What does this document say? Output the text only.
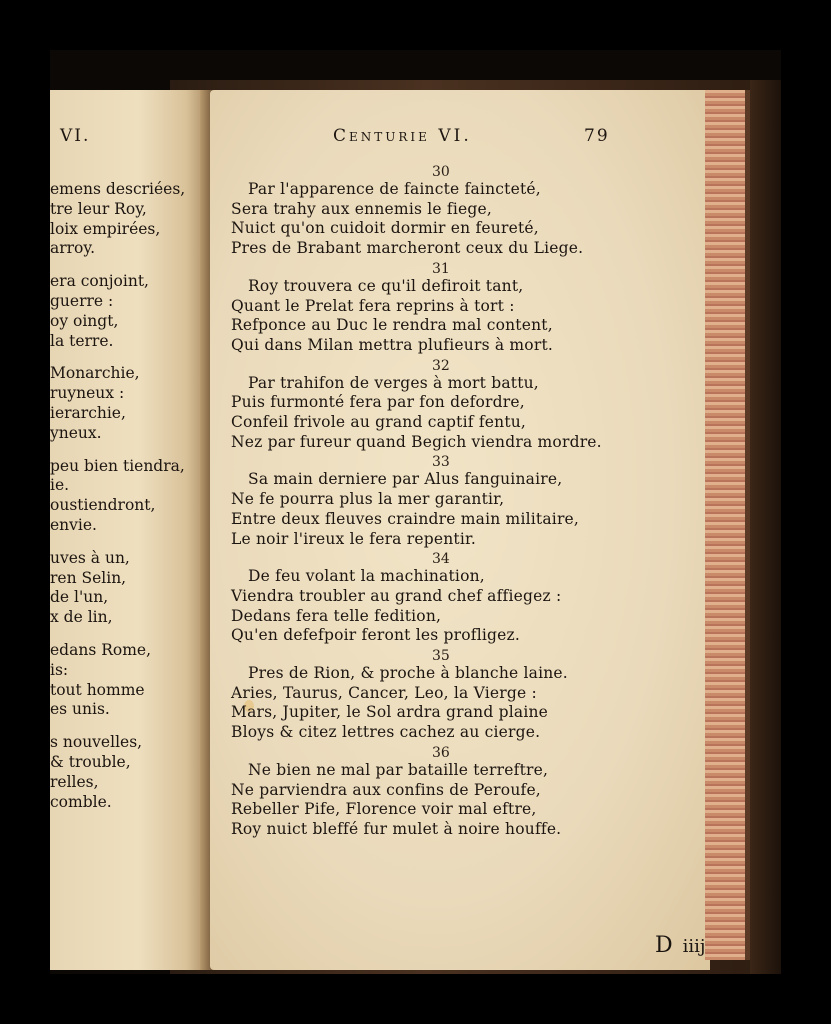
emens descriées,
tre leur Roy,
loix empirées,
arroy.
era conjoint,
guerre :
oy oingt,
la terre.
Monarchie,
ruyneux :
ierarchie,
yneux.
peu bien tiendra,
ie.
oustiendront,
envie.
uves à un,
ren Selin,
de l'un,
x de lin,
edans Rome,
is:
tout homme
es unis.
s nouvelles,
& trouble,
relles,
comble.
30
Par l'apparence de faincte faincteté,
Sera trahy aux ennemis le fiege,
Nuict qu'on cuidoit dormir en feureté,
Pres de Brabant marcheront ceux du Liege.
31
Roy trouvera ce qu'il defiroit tant,
Quant le Prelat fera reprins à tort :
Refponce au Duc le rendra mal content,
Qui dans Milan mettra plufieurs à mort.
32
Par trahifon de verges à mort battu,
Puis furmonté fera par fon defordre,
Confeil frivole au grand captif fentu,
Nez par fureur quand Begich viendra mordre.
33
Sa main derniere par Alus fanguinaire,
Ne fe pourra plus la mer garantir,
Entre deux fleuves craindre main militaire,
Le noir l'ireux le fera repentir.
34
De feu volant la machination,
Viendra troubler au grand chef affiegez :
Dedans fera telle fedition,
Qu'en defefpoir feront les profligez.
35
Pres de Rion, & proche à blanche laine.
Aries, Taurus, Cancer, Leo, la Vierge :
Mars, Jupiter, le Sol ardra grand plaine
Bloys & citez lettres cachez au cierge.
36
Ne bien ne mal par bataille terreftre,
Ne parviendra aux confins de Peroufe,
Rebeller Pife, Florence voir mal eftre,
Roy nuict bleffé fur mulet à noire houffe.
D iiij
VI.	Centurie VI.	79
